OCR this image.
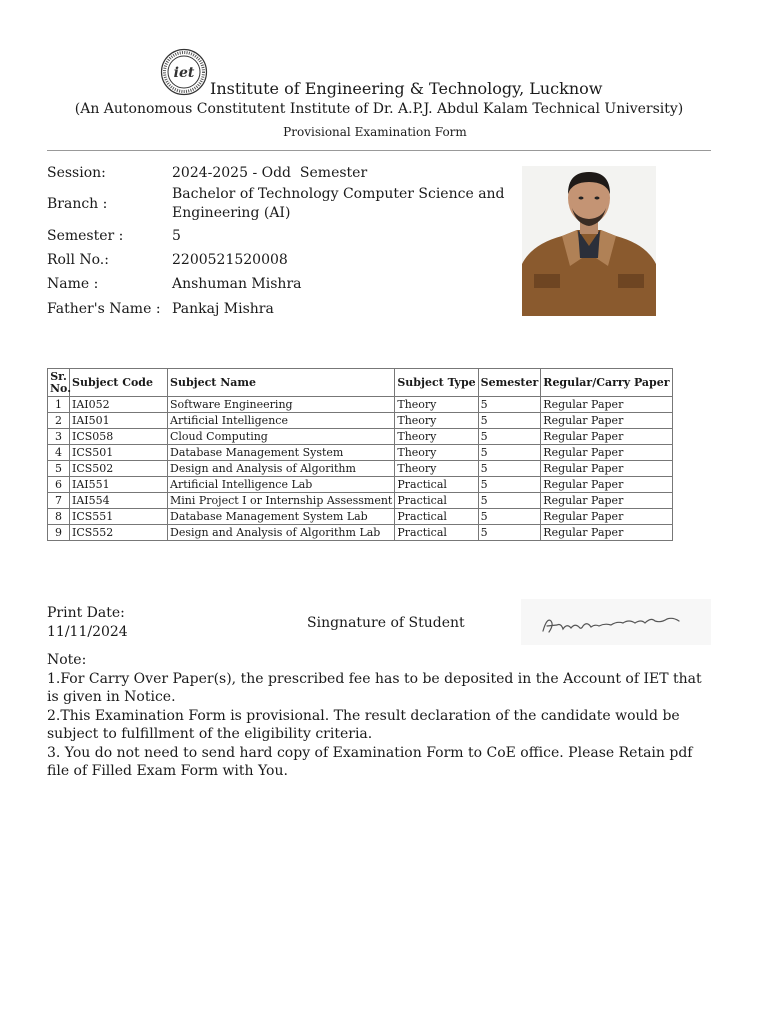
iet
Institute of Engineering & Technology, Lucknow
(An Autonomous Constitutent Institute of Dr. A.P.J. Abdul Kalam Technical University)
Provisional Examination Form
Session:	2024-2025 - Odd  Semester
Branch :
Bachelor of Technology Computer Science and Engineering (AI)
Semester :	5
Roll No.:	2200521520008
Name :	Anshuman Mishra
Father's Name : Pankaj Mishra
Sr. No.	Subject Code	Subject Name	Subject Type	Semester	Regular/Carry Paper
1	IAI052	Software Engineering	Theory	5	Regular Paper
2	IAI501	Artificial Intelligence	Theory	5	Regular Paper
3	ICS058	Cloud Computing	Theory	5	Regular Paper
4	ICS501	Database Management System	Theory	5	Regular Paper
5	ICS502	Design and Analysis of Algorithm	Theory	5	Regular Paper
6	IAI551	Artificial Intelligence Lab	Practical	5	Regular Paper
7	IAI554	Mini Project I or Internship Assessment	Practical	5	Regular Paper
8	ICS551	Database Management System Lab	Practical	5	Regular Paper
9	ICS552	Design and Analysis of Algorithm Lab	Practical	5	Regular Paper
Print Date:
11/11/2024
Singnature of Student
Note:
1.For Carry Over Paper(s), the prescribed fee has to be deposited in the Account of IET that is given in Notice.
2.This Examination Form is provisional. The result declaration of the candidate would be subject to fulfillment of the eligibility criteria.
3. You do not need to send hard copy of Examination Form to CoE office. Please Retain pdf file of Filled Exam Form with You.
